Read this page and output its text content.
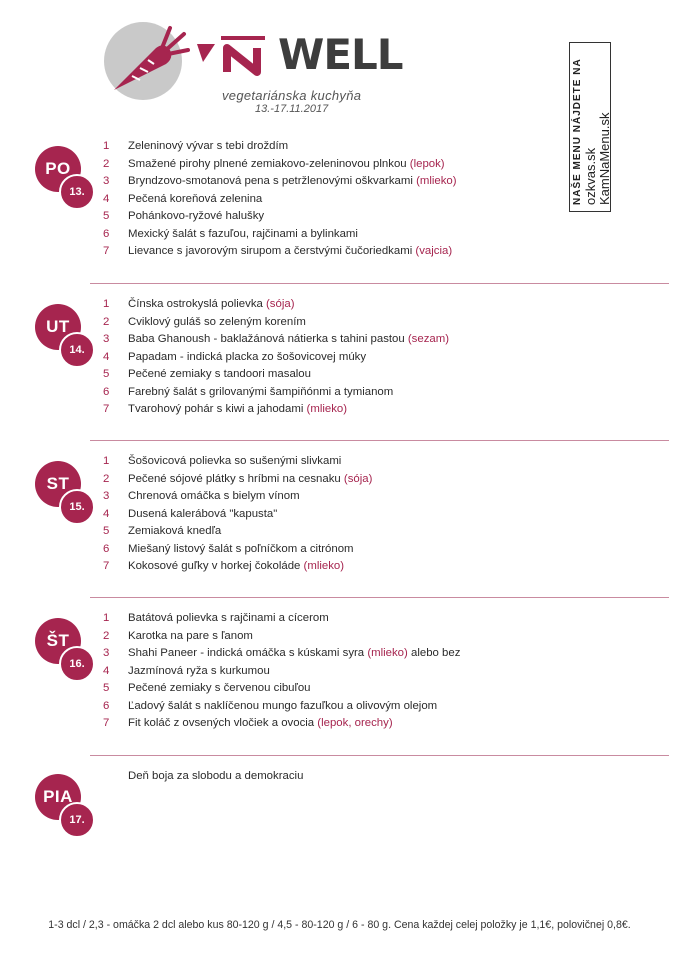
WELL
vegetariánska kuchyňa
13.-17.11.2017	NAŠE MENU NÁJDETE NA ozkvas.sk KamNaMenu.sk
PO
13.
1	Zeleninový vývar s tebi droždím
2	Smažené pirohy plnené zemiakovo-zeleninovou plnkou (lepok)
3	Bryndzovo-smotanová pena s petržlenovými oškvarkami (mlieko)
4	Pečená koreňová zelenina
5	Pohánkovo-ryžové halušky
6	Mexický šalát s fazuľou, rajčinami a bylinkami
7	Lievance s javorovým sirupom a čerstvými čučoriedkami (vajcia)
UT
14.
1	Čínska ostrokyslá polievka (sója)
2	Cviklový guláš so zeleným korením
3	Baba Ghanoush - baklažánová nátierka s tahini pastou (sezam)
4	Papadam - indická placka zo šošovicovej múky
5	Pečené zemiaky s tandoori masalou
6	Farebný šalát s grilovanými šampiňónmi a tymianom
7	Tvarohový pohár s kiwi a jahodami (mlieko)
ST
15.
1	Šošovicová polievka so sušenými slivkami
2	Pečené sójové plátky s hríbmi na cesnaku (sója)
3	Chrenová omáčka s bielym vínom
4	Dusená kalerábová "kapusta"
5	Zemiaková knedľa
6	Miešaný listový šalát s poľníčkom a citrónom
7	Kokosové guľky v horkej čokoláde (mlieko)
ŠT
16.
1	Batátová polievka s rajčinami a cícerom
2	Karotka na pare s ľanom
3	Shahi Paneer - indická omáčka s kúskami syra (mlieko) alebo bez
4	Jazmínová ryža s kurkumou
5	Pečené zemiaky s červenou cibuľou
6	Ľadový šalát s naklíčenou mungo fazuľkou a olivovým olejom
7	Fit koláč z ovsených vločiek a ovocia (lepok, orechy)
PIA
17.
Deň boja za slobodu a demokraciu
1-3 dcl / 2,3 - omáčka 2 dcl alebo kus 80-120 g / 4,5 - 80-120 g / 6 - 80 g. Cena každej celej položky je 1,1€, polovičnej 0,8€.
